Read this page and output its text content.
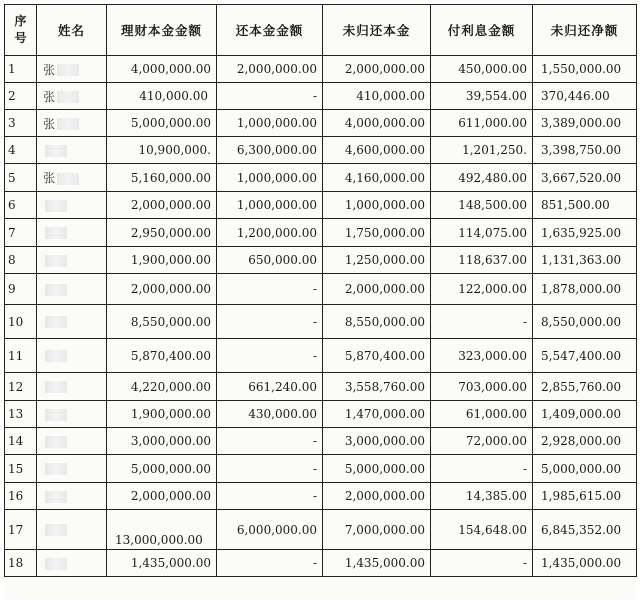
序
号	姓名	理财本金金额	还本金金额	未归还本金	付利息金额	未归还净额
1	张	4,000,000.00	2,000,000.00	2,000,000.00	450,000.00	1,550,000.00
2	张	410,000.00	-	410,000.00	39,554.00	370,446.00
3	张	5,000,000.00	1,000,000.00	4,000,000.00	611,000.00	3,389,000.00
4		10,900,000.	6,300,000.00	4,600,000.00	1,201,250.	3,398,750.00
5	张	5,160,000.00	1,000,000.00	4,160,000.00	492,480.00	3,667,520.00
6		2,000,000.00	1,000,000.00	1,000,000.00	148,500.00	851,500.00
7		2,950,000.00	1,200,000.00	1,750,000.00	114,075.00	1,635,925.00
8		1,900,000.00	650,000.00	1,250,000.00	118,637.00	1,131,363.00
9		2,000,000.00	-	2,000,000.00	122,000.00	1,878,000.00
10		8,550,000.00	-	8,550,000.00	-	8,550,000.00
11		5,870,400.00	-	5,870,400.00	323,000.00	5,547,400.00
12		4,220,000.00	661,240.00	3,558,760.00	703,000.00	2,855,760.00
13		1,900,000.00	430,000.00	1,470,000.00	61,000.00	1,409,000.00
14		3,000,000.00	-	3,000,000.00	72,000.00	2,928,000.00
15		5,000,000.00	-	5,000,000.00	-	5,000,000.00
16		2,000,000.00	-	2,000,000.00	14,385.00	1,985,615.00
17		13,000,000.00	6,000,000.00	7,000,000.00	154,648.00	6,845,352.00
18		1,435,000.00	-	1,435,000.00	-	1,435,000.00
